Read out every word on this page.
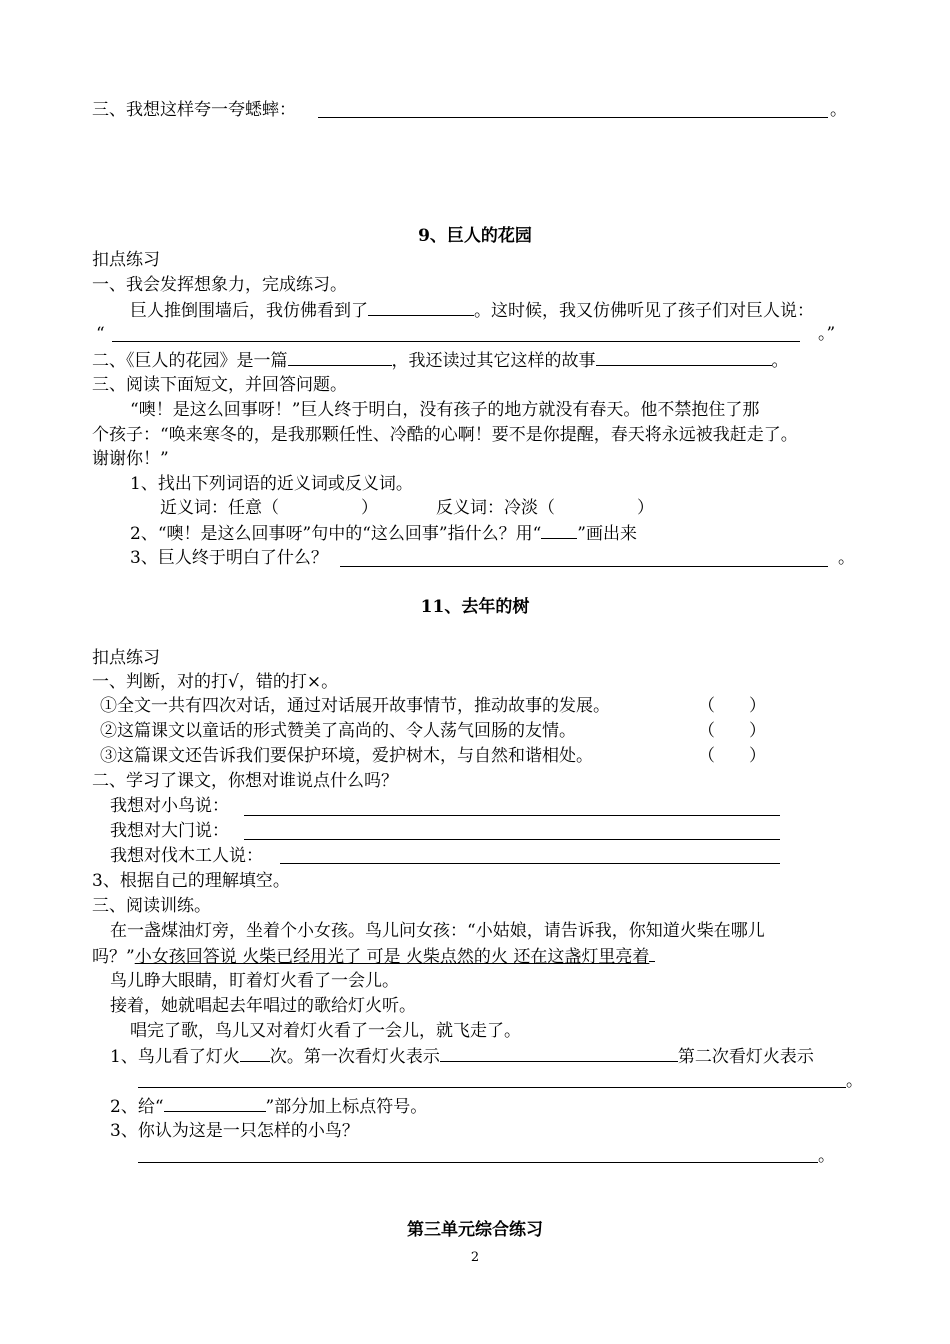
三、我想这样夸一夸蟋蟀：	。
9、巨人的花园
扣点练习
一、我会发挥想象力，完成练习。
巨人推倒围墙后，我仿佛看到了	。这时候，我又仿佛听见了孩子们对巨人说：
“	。”
二、《巨人的花园》是一篇	，我还读过其它这样的故事	。
三、阅读下面短文，并回答问题。
“噢！是这么回事呀！”巨人终于明白，没有孩子的地方就没有春天。他不禁抱住了那
个孩子：“唤来寒冬的，是我那颗任性、冷酷的心啊！要不是你提醒，春天将永远被我赶走了。
谢谢你！”
1、找出下列词语的近义词或反义词。
近义词：任意（	）	反义词：冷淡（	）
2、“噢！是这么回事呀”句中的“这么回事”指什么？用“ ”画出来
3、巨人终于明白了什么？	。
11、去年的树
扣点练习
一、判断，对的打√，错的打×。
①全文一共有四次对话，通过对话展开故事情节，推动故事的发展。	（　　）
②这篇课文以童话的形式赞美了高尚的、令人荡气回肠的友情。	（　　）
③这篇课文还告诉我们要保护环境，爱护树木，与自然和谐相处。	（　　）
二、学习了课文，你想对谁说点什么吗？
我想对小鸟说：
我想对大门说：
我想对伐木工人说：
3、根据自己的理解填空。
三、阅读训练。
在一盏煤油灯旁，坐着个小女孩。鸟儿问女孩：“小姑娘，请告诉我，你知道火柴在哪儿
吗？”小女孩回答说 火柴已经用光了 可是 火柴点然的火 还在这盏灯里亮着
鸟儿睁大眼睛，盯着灯火看了一会儿。
接着，她就唱起去年唱过的歌给灯火听。
唱完了歌，鸟儿又对着灯火看了一会儿，就飞走了。
1、鸟儿看了灯火 次。第一次看灯火表示	第二次看灯火表示
。
2、给“	”部分加上标点符号。
3、你认为这是一只怎样的小鸟？
。
第三单元综合练习
2
